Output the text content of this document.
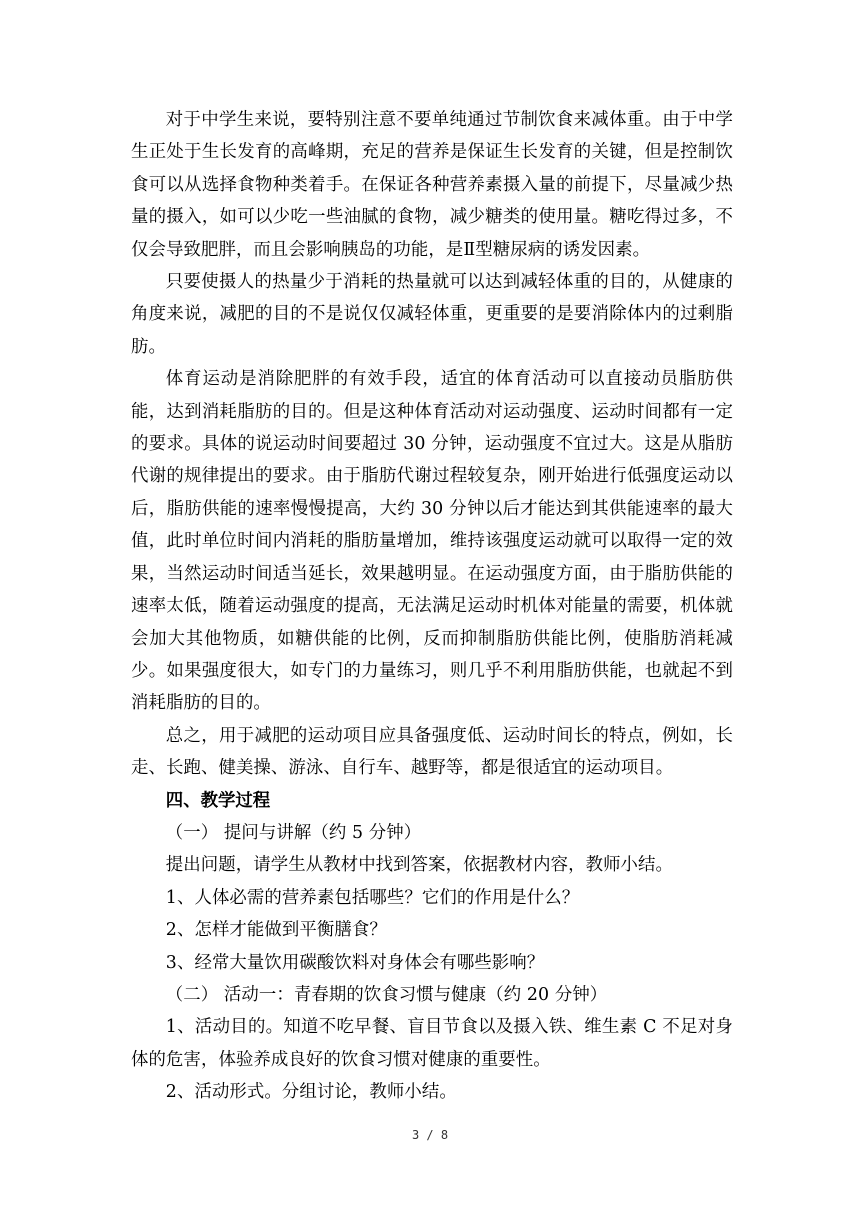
对于中学生来说，要特别注意不要单纯通过节制饮食来减体重。由于中学生正处于生长发育的高峰期，充足的营养是保证生长发育的关键，但是控制饮食可以从选择食物种类着手。在保证各种营养素摄入量的前提下，尽量减少热量的摄入，如可以少吃一些油腻的食物，减少糖类的使用量。糖吃得过多，不仅会导致肥胖，而且会影响胰岛的功能，是Ⅱ型糖尿病的诱发因素。

只要使摄人的热量少于消耗的热量就可以达到减轻体重的目的，从健康的角度来说，减肥的目的不是说仅仅减轻体重，更重要的是要消除体内的过剩脂肪。

体育运动是消除肥胖的有效手段，适宜的体育活动可以直接动员脂肪供能，达到消耗脂肪的目的。但是这种体育活动对运动强度、运动时间都有一定的要求。具体的说运动时间要超过 30 分钟，运动强度不宜过大。这是从脂肪代谢的规律提出的要求。由于脂肪代谢过程较复杂，刚开始进行低强度运动以后，脂肪供能的速率慢慢提高，大约 30 分钟以后才能达到其供能速率的最大值，此时单位时间内消耗的脂肪量增加，维持该强度运动就可以取得一定的效果，当然运动时间适当延长，效果越明显。在运动强度方面，由于脂肪供能的速率太低，随着运动强度的提高，无法满足运动时机体对能量的需要，机体就会加大其他物质，如糖供能的比例，反而抑制脂肪供能比例，使脂肪消耗减少。如果强度很大，如专门的力量练习，则几乎不利用脂肪供能，也就起不到消耗脂肪的目的。

总之，用于减肥的运动项目应具备强度低、运动时间长的特点，例如，长走、长跑、健美操、游泳、自行车、越野等，都是很适宜的运动项目。

四、教学过程

（一） 提问与讲解（约 5 分钟）

提出问题，请学生从教材中找到答案，依据教材内容，教师小结。

1、人体必需的营养素包括哪些？它们的作用是什么？

2、怎样才能做到平衡膳食？

3、经常大量饮用碳酸饮料对身体会有哪些影响？

（二） 活动一：青春期的饮食习惯与健康（约 20 分钟）

1、活动目的。知道不吃早餐、盲目节食以及摄入铁、维生素 C 不足对身体的危害，体验养成良好的饮食习惯对健康的重要性。

2、活动形式。分组讨论，教师小结。

3 / 8
